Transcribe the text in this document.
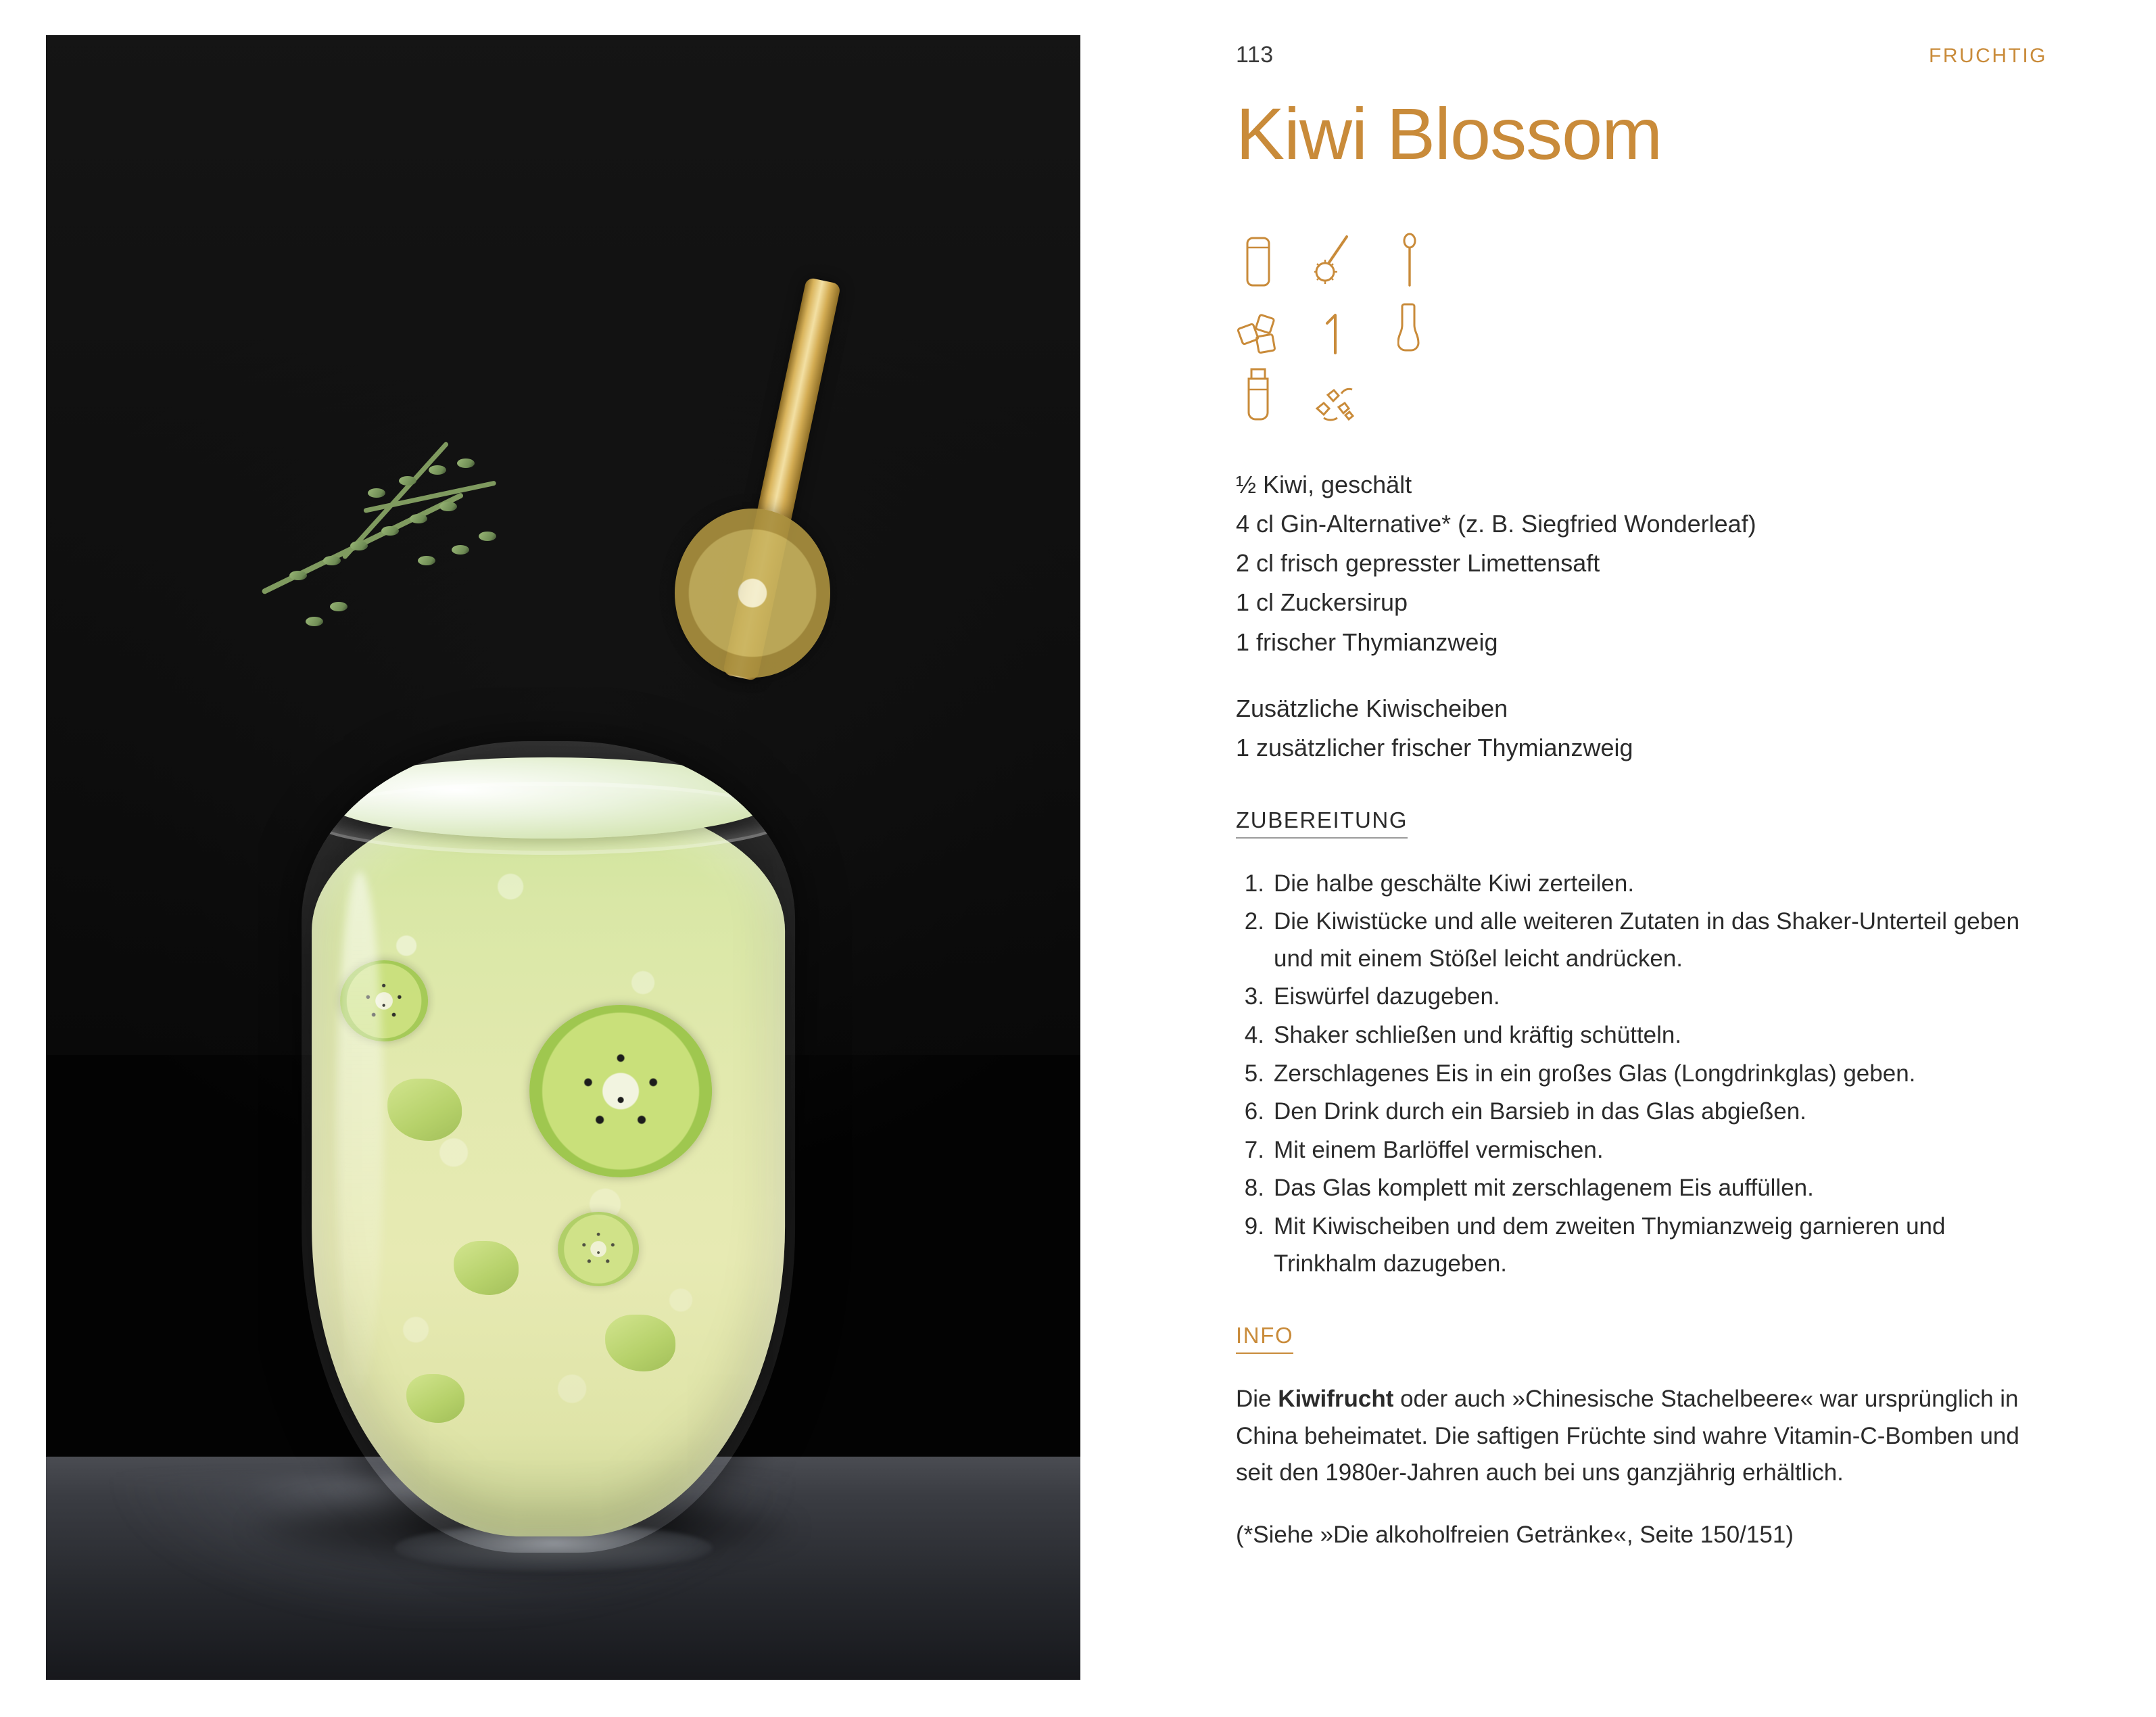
113	FRUCHTIG
Kiwi Blossom
½ Kiwi, geschält
4 cl Gin-Alternative* (z. B. Siegfried Wonderleaf)
2 cl frisch gepresster Limettensaft
1 cl Zuckersirup
1 frischer Thymianzweig
Zusätzliche Kiwischeiben
1 zusätzlicher frischer Thymianzweig
ZUBEREITUNG
1. Die halbe geschälte Kiwi zerteilen.
2. Die Kiwistücke und alle weiteren Zutaten in das Shaker-Unterteil geben und mit einem Stößel leicht andrücken.
3. Eiswürfel dazugeben.
4. Shaker schließen und kräftig schütteln.
5. Zerschlagenes Eis in ein großes Glas (Longdrinkglas) geben.
6. Den Drink durch ein Barsieb in das Glas abgießen.
7. Mit einem Barlöffel vermischen.
8. Das Glas komplett mit zerschlagenem Eis auffüllen.
9. Mit Kiwischeiben und dem zweiten Thymianzweig garnieren und Trinkhalm dazugeben.
INFO

Die Kiwifrucht oder auch »Chinesische Stachelbeere« war ursprünglich in China beheimatet. Die saftigen Früchte sind wahre Vitamin-C-Bomben und seit den 1980er-Jahren auch bei uns ganzjährig erhältlich.

(*Siehe »Die alkoholfreien Getränke«, Seite 150/151)
